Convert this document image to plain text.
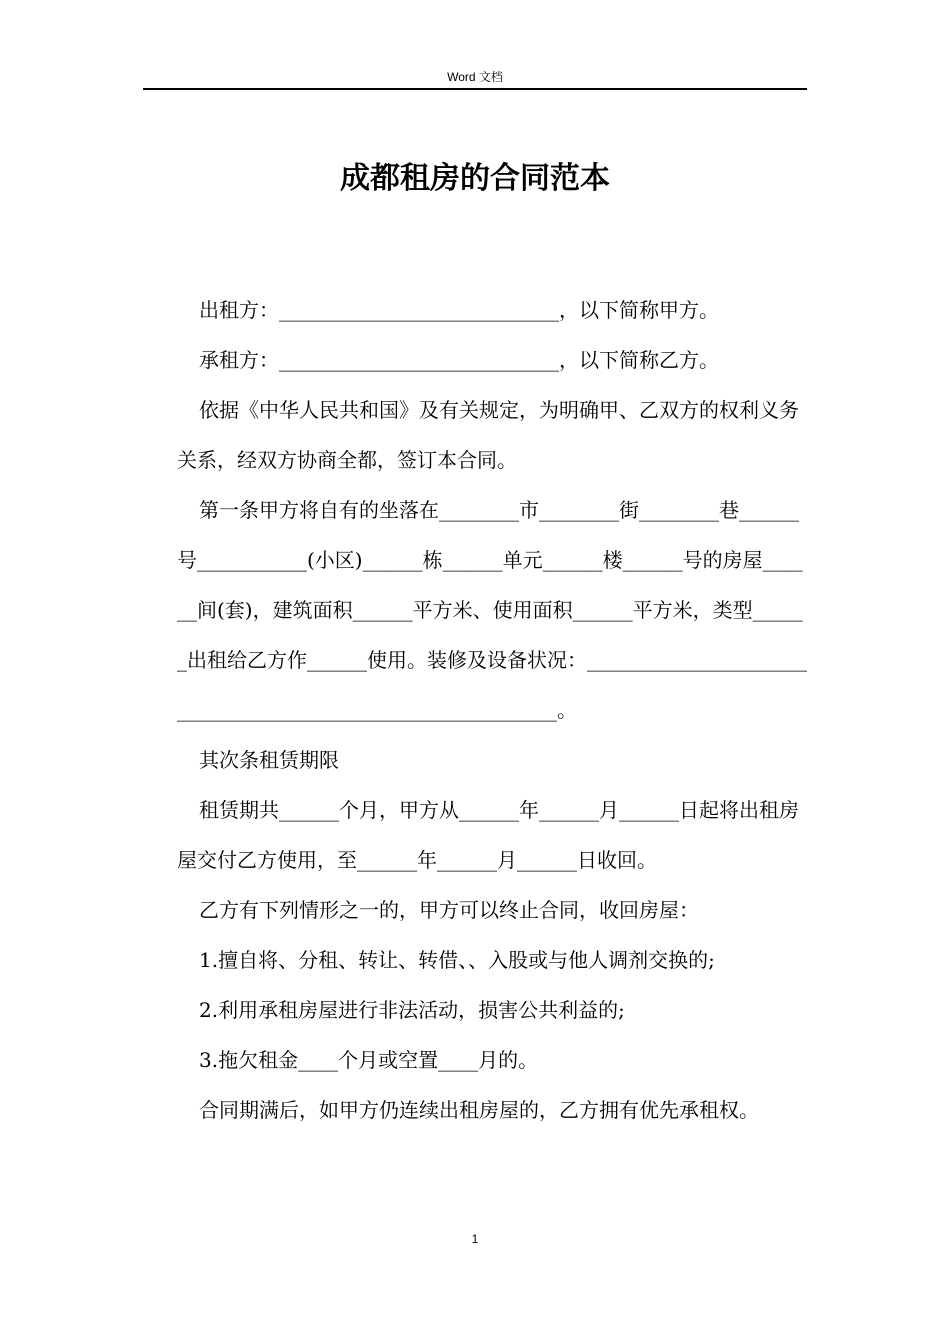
Word 文档
成都租房的合同范本

出租方：____________________________，以下简称甲方。

承租方：____________________________，以下简称乙方。

依据《中华人民共和国》及有关规定，为明确甲、乙双方的权利义务关系，经双方协商全都，签订本合同。

第一条甲方将自有的坐落在________市________街________巷______号___________(小区)______栋______单元______楼______号的房屋______间(套)，建筑面积______平方米、使用面积______平方米，类型______出租给乙方作______使用。装修及设备状况：____________________________________________________________。

其次条租赁期限

租赁期共______个月，甲方从______年______月______日起将出租房屋交付乙方使用，至______年______月______日收回。

乙方有下列情形之一的，甲方可以终止合同，收回房屋：

1.擅自将、分租、转让、转借、、入股或与他人调剂交换的;

2.利用承租房屋进行非法活动，损害公共利益的;

3.拖欠租金____个月或空置____月的。

合同期满后，如甲方仍连续出租房屋的，乙方拥有优先承租权。

1
